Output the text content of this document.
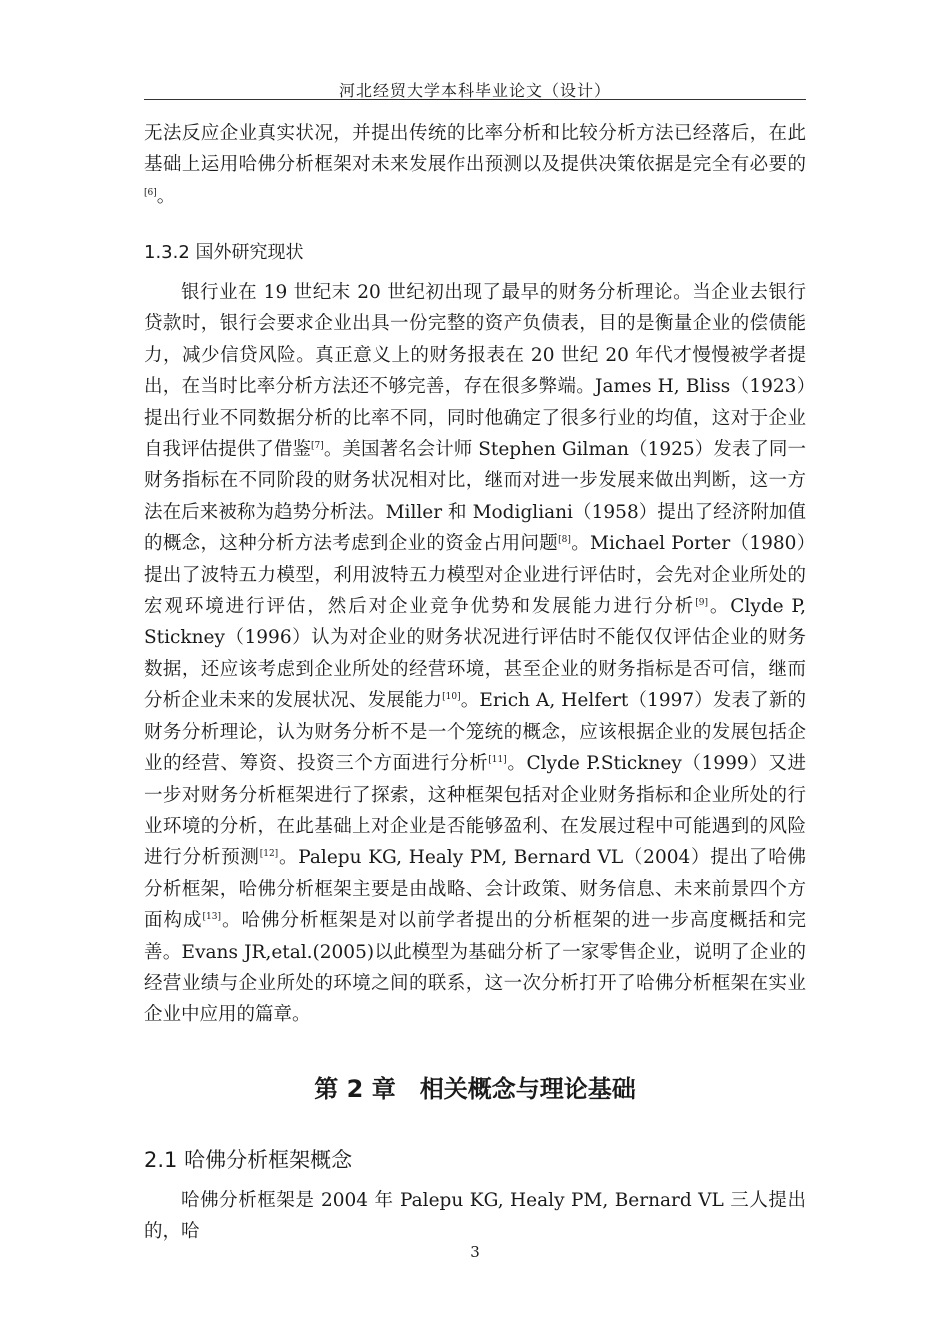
河北经贸大学本科毕业论文（设计）

无法反应企业真实状况，并提出传统的比率分析和比较分析方法已经落后，在此基础上运用哈佛分析框架对未来发展作出预测以及提供决策依据是完全有必要的[6]。

1.3.2 国外研究现状

银行业在 19 世纪末 20 世纪初出现了最早的财务分析理论。当企业去银行贷款时，银行会要求企业出具一份完整的资产负债表，目的是衡量企业的偿债能力，减少信贷风险。真正意义上的财务报表在 20 世纪 20 年代才慢慢被学者提出，在当时比率分析方法还不够完善，存在很多弊端。James H, Bliss（1923）提出行业不同数据分析的比率不同，同时他确定了很多行业的均值，这对于企业自我评估提供了借鉴[7]。美国著名会计师 Stephen Gilman（1925）发表了同一财务指标在不同阶段的财务状况相对比，继而对进一步发展来做出判断，这一方法在后来被称为趋势分析法。Miller 和 Modigliani（1958）提出了经济附加值的概念，这种分析方法考虑到企业的资金占用问题[8]。Michael Porter（1980）提出了波特五力模型，利用波特五力模型对企业进行评估时，会先对企业所处的宏观环境进行评估，然后对企业竞争优势和发展能力进行分析[9]。Clyde P, Stickney（1996）认为对企业的财务状况进行评估时不能仅仅评估企业的财务数据，还应该考虑到企业所处的经营环境，甚至企业的财务指标是否可信，继而分析企业未来的发展状况、发展能力[10]。Erich A, Helfert（1997）发表了新的财务分析理论，认为财务分析不是一个笼统的概念，应该根据企业的发展包括企业的经营、筹资、投资三个方面进行分析[11]。Clyde P.Stickney（1999）又进一步对财务分析框架进行了探索，这种框架包括对企业财务指标和企业所处的行业环境的分析，在此基础上对企业是否能够盈利、在发展过程中可能遇到的风险进行分析预测[12]。Palepu KG, Healy PM, Bernard VL（2004）提出了哈佛分析框架，哈佛分析框架主要是由战略、会计政策、财务信息、未来前景四个方面构成[13]。哈佛分析框架是对以前学者提出的分析框架的进一步高度概括和完善。Evans JR,etal.(2005)以此模型为基础分析了一家零售企业，说明了企业的经营业绩与企业所处的环境之间的联系，这一次分析打开了哈佛分析框架在实业企业中应用的篇章。

第 2 章　相关概念与理论基础
2.1 哈佛分析框架概念

哈佛分析框架是 2004 年 Palepu KG, Healy PM, Bernard VL 三人提出的，哈

3
